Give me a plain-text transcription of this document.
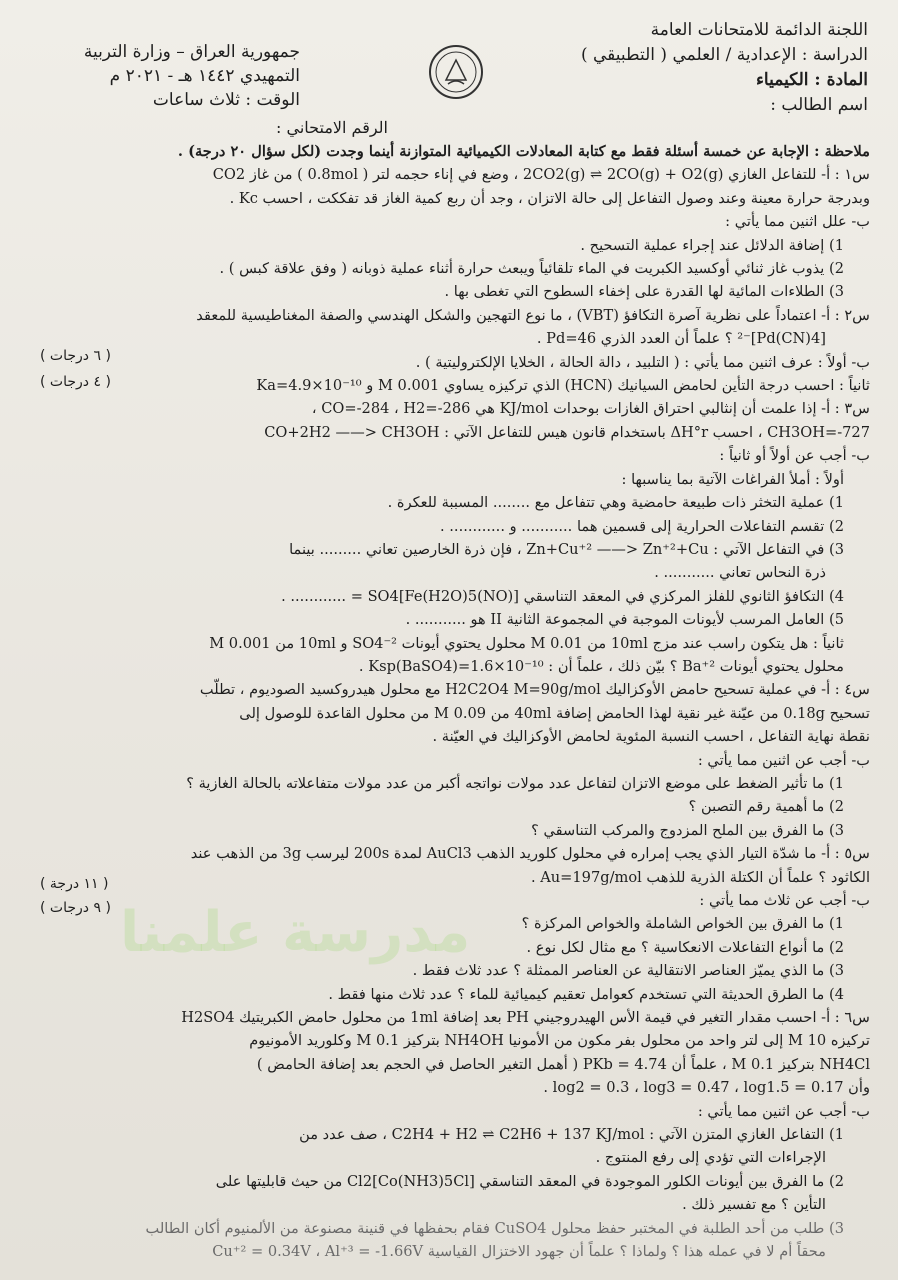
اللجنة الدائمة للامتحانات العامة
الدراسة : الإعدادية / العلمي ( التطبيقي )
المادة : الكيمياء
اسم الطالب :
جمهورية العراق – وزارة التربية
التمهيدي ١٤٤٢ هـ - ٢٠٢١ م
الوقت : ثلاث ساعات
الرقم الامتحاني :
مدرسة علمنا

ملاحظة : الإجابة عن خمسة أسئلة فقط مع كتابة المعادلات الكيميائية المتوازنة أينما وجدت (لكل سؤال ٢٠ درجة) .

س١ : أ- للتفاعل الغازي 2CO2(g) ⇌ 2CO(g) + O2(g) ، وضع في إناء حجمه لتر ( 0.8mol ) من غاز CO2

وبدرجة حرارة معينة وعند وصول التفاعل إلى حالة الاتزان ، وجد أن ربع كمية الغاز قد تفككت ، احسب Kc .

ب- علل اثنين مما يأتي :

1) إضافة الدلائل عند إجراء عملية التسحيح .

2) يذوب غاز ثنائي أوكسيد الكبريت في الماء تلقائياً ويبعث حرارة أثناء عملية ذوبانه ( وفق علاقة كبس ) .

3) الطلاءات المائية لها القدرة على إخفاء السطوح التي تغطى بها .

س٢ : أ- اعتماداً على نظرية آصرة التكافؤ (VBT) ، ما نوع التهجين والشكل الهندسي والصفة المغناطيسية للمعقد

[Pd(CN)4]⁻² ؟ علماً أن العدد الذري Pd=46 .

ب- أولاً : عرف اثنين مما يأتي : ( التلبيد ، دالة الحالة ، الخلايا الإلكتروليتية ) .

ثانياً : احسب درجة التأين لحامض السيانيك (HCN) الذي تركيزه يساوي 0.001 M و Ka=4.9×10⁻¹⁰

س٣ : أ- إذا علمت أن إنثالبي احتراق الغازات بوحدات KJ/mol هي CO=-284 ، H2=-286 ،

CH3OH=-727 ، احسب ΔH°r باستخدام قانون هيس للتفاعل الآتي : CO+2H2 ——> CH3OH

ب- أجب عن أولاً أو ثانياً :

أولاً : أملأ الفراغات الآتية بما يناسبها :

1) عملية التخثر ذات طبيعة حامضية وهي تتفاعل مع ........ المسببة للعكرة .

2) تقسم التفاعلات الحرارية إلى قسمين هما ........... و ............ .

3) في التفاعل الآتي : Zn+Cu⁺² ——> Zn⁺²+Cu ، فإن ذرة الخارصين تعاني ......... بينما

ذرة النحاس تعاني ........... .

4) التكافؤ الثانوي للفلز المركزي في المعقد التناسقي [Fe(H2O)5(NO)]SO4 = ............ .

5) العامل المرسب لأيونات الموجبة في المجموعة الثانية II هو ........... .

ثانياً : هل يتكون راسب عند مزج 10ml من 0.01 M محلول يحتوي أيونات SO4⁻² و 10ml من 0.001 M

محلول يحتوي أيونات Ba⁺² ؟ بيّن ذلك ، علماً أن : Ksp(BaSO4)=1.6×10⁻¹⁰ .

س٤ : أ- في عملية تسحيح حامض الأوكزاليك H2C2O4 M=90g/mol مع محلول هيدروكسيد الصوديوم ، تطلّب

تسحيح 0.18g من عيّنة غير نقية لهذا الحامض إضافة 40ml من 0.09 M من محلول القاعدة للوصول إلى

نقطة نهاية التفاعل ، احسب النسبة المئوية لحامض الأوكزاليك في العيّنة .

ب- أجب عن اثنين مما يأتي :

1) ما تأثير الضغط على موضع الاتزان لتفاعل عدد مولات نواتجه أكبر من عدد مولات متفاعلاته بالحالة الغازية ؟

2) ما أهمية رقم التصبن ؟

3) ما الفرق بين الملح المزدوج والمركب التناسقي ؟

س٥ : أ- ما شدّة التيار الذي يجب إمراره في محلول كلوريد الذهب AuCl3 لمدة 200s ليرسب 3g من الذهب عند

الكاثود ؟ علماً أن الكتلة الذرية للذهب Au=197g/mol .

ب- أجب عن ثلاث مما يأتي :

1) ما الفرق بين الخواص الشاملة والخواص المركزة ؟

2) ما أنواع التفاعلات الانعكاسية ؟ مع مثال لكل نوع .

3) ما الذي يميّز العناصر الانتقالية عن العناصر الممثلة ؟ عدد ثلاث فقط .

4) ما الطرق الحديثة التي تستخدم كعوامل تعقيم كيميائية للماء ؟ عدد ثلاث منها فقط .

س٦ : أ- احسب مقدار التغير في قيمة الأس الهيدروجيني PH بعد إضافة 1ml من محلول حامض الكبريتيك H2SO4

تركيزه 10 M إلى لتر واحد من محلول بفر مكون من الأمونيا NH4OH بتركيز 0.1 M وكلوريد الأمونيوم

NH4Cl بتركيز 0.1 M ، علماً أن PKb = 4.74 ( أهمل التغير الحاصل في الحجم بعد إضافة الحامض )

وأن log2 = 0.3 ، log3 = 0.47 ، log1.5 = 0.17 .

ب- أجب عن اثنين مما يأتي :

1) التفاعل الغازي المتزن الآتي : C2H4 + H2 ⇌ C2H6 + 137 KJ/mol ، صف عدد من

الإجراءات التي تؤدي إلى رفع المنتوج .

2) ما الفرق بين أيونات الكلور الموجودة في المعقد التناسقي [Co(NH3)5Cl]Cl2 من حيث قابليتها على

التأين ؟ مع تفسير ذلك .

3) طلب من أحد الطلبة في المختبر حفظ محلول CuSO4 فقام بحفظها في قنينة مصنوعة من الألمنيوم أكان الطالب

محقاً أم لا في عمله هذا ؟ ولماذا ؟ علماً أن جهود الاختزال القياسية Cu⁺² = 0.34V ، Al⁺³ = -1.66V

( ٦ درجات )
( ٤ درجات )
( ١١ درجة )
( ٩ درجات )
